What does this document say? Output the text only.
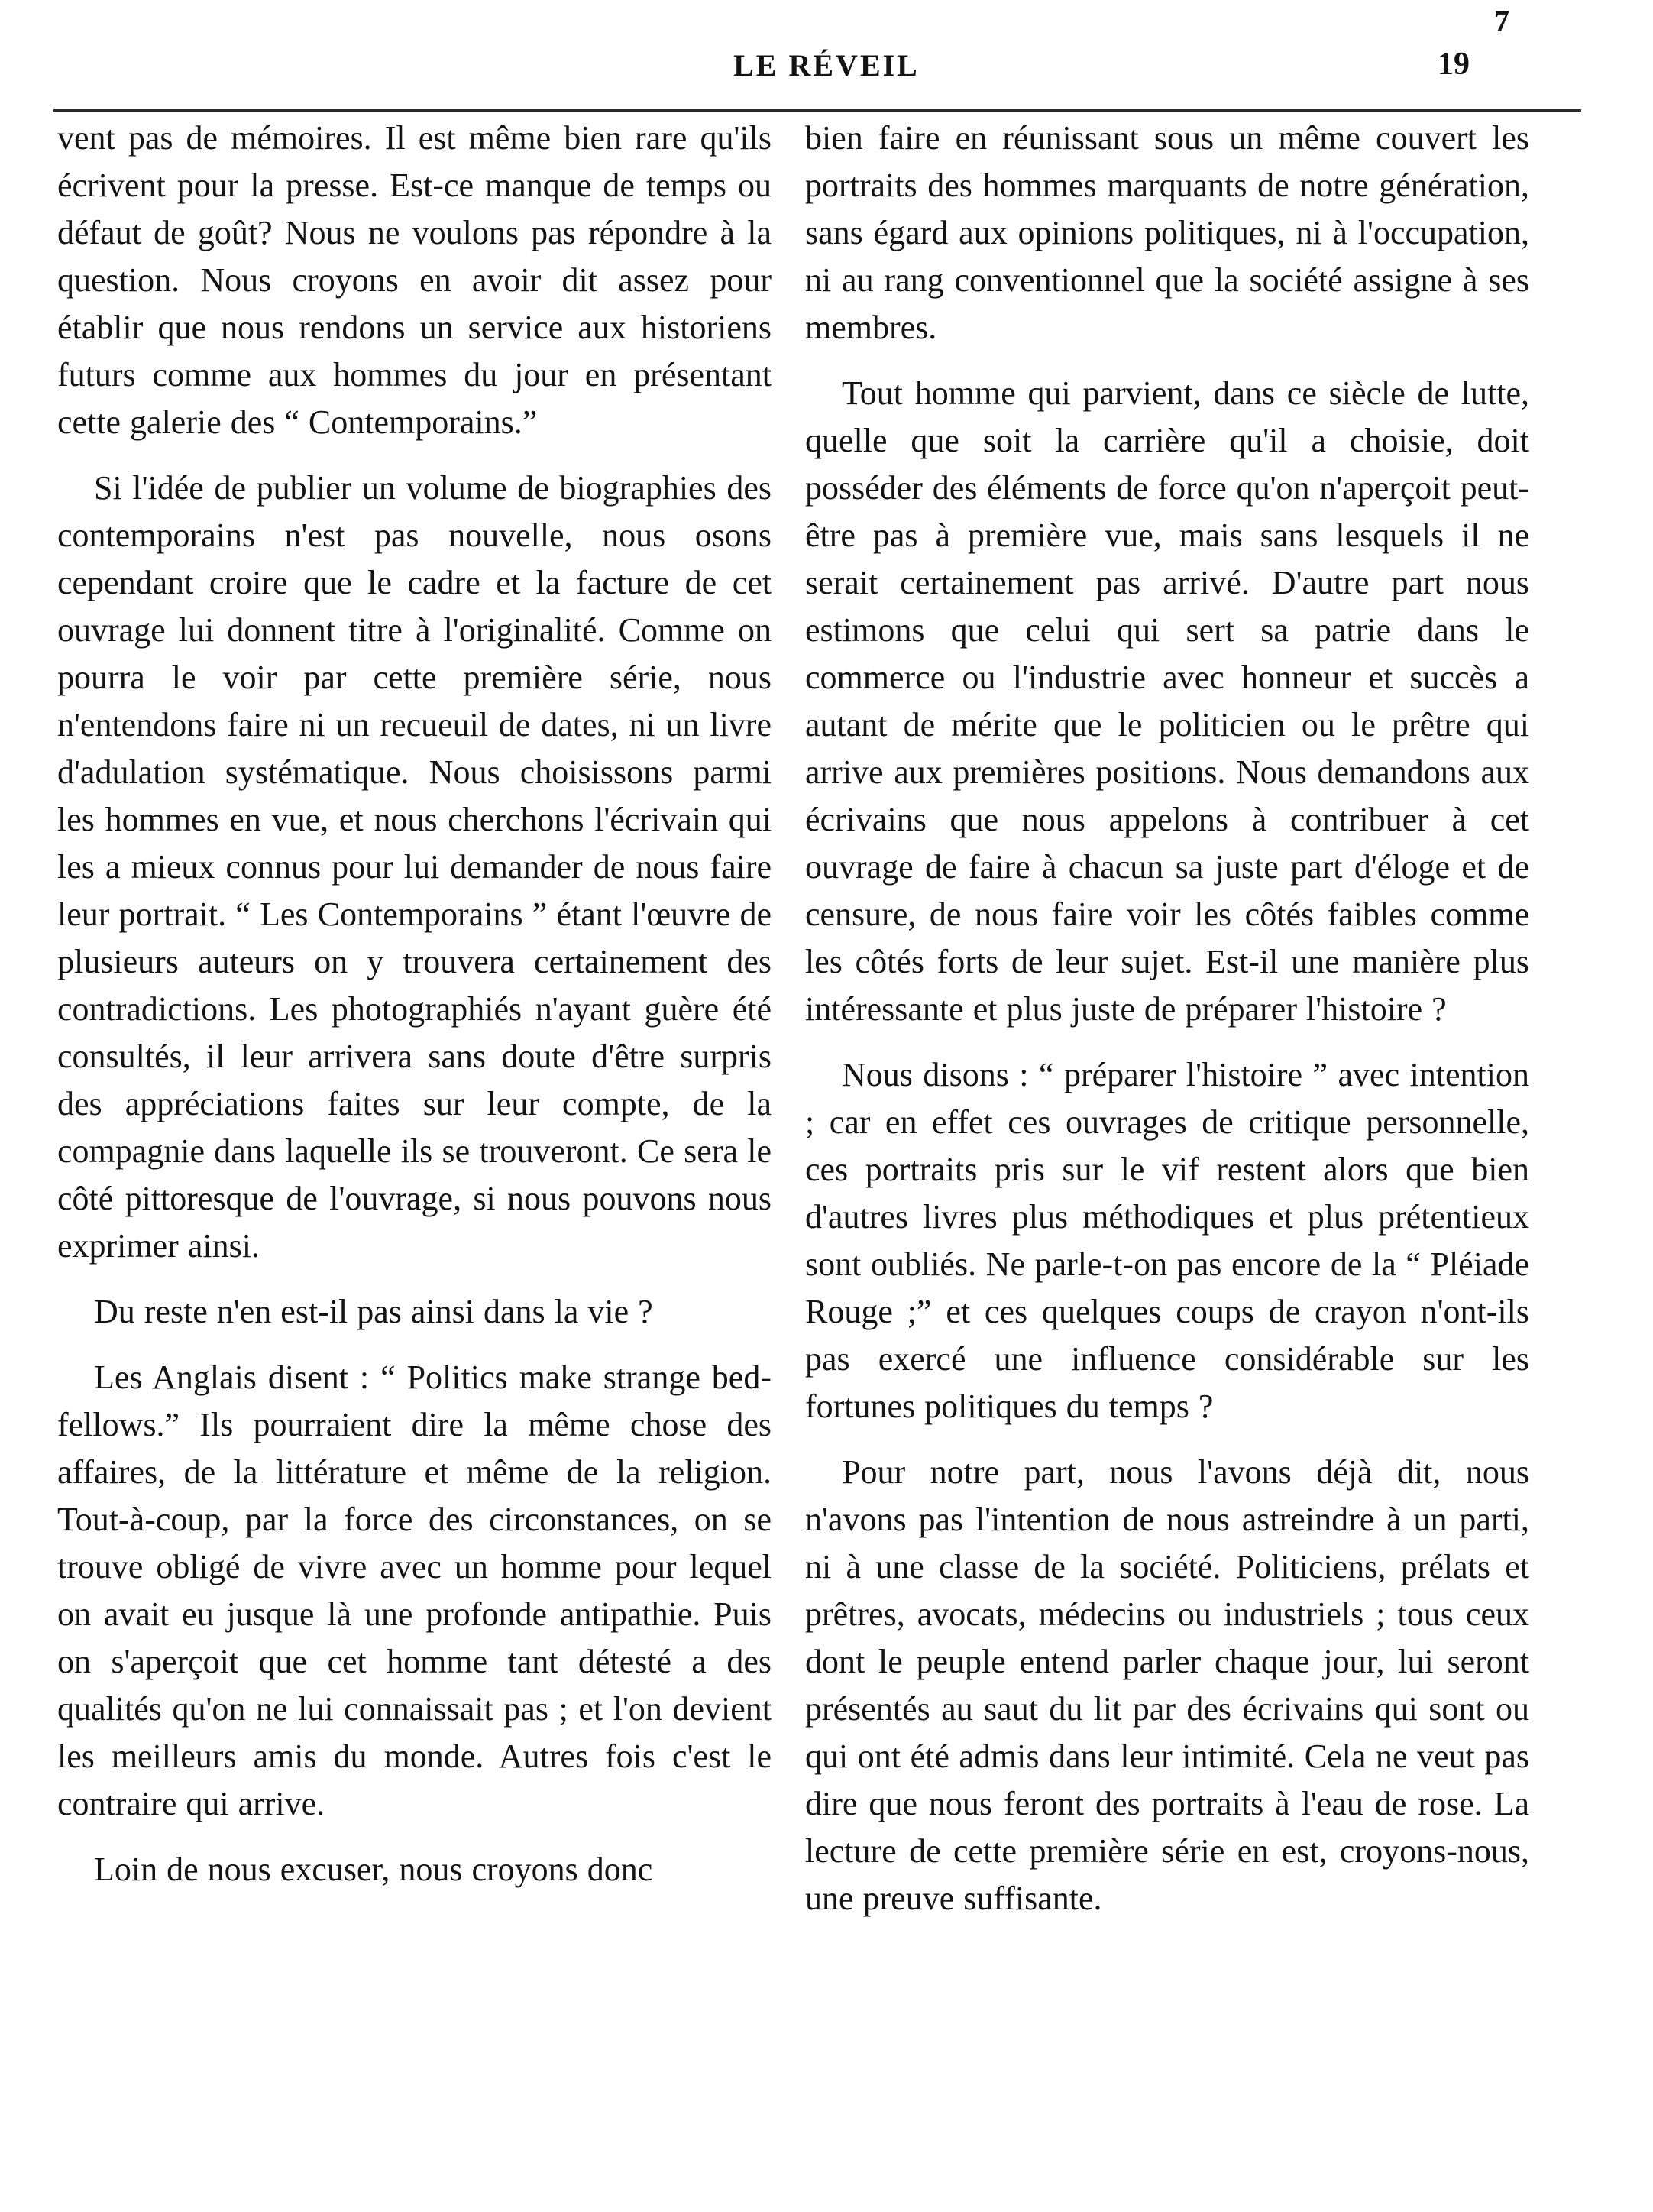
7
LE RÉVEIL	19

vent pas de mémoires. Il est même bien rare qu'ils écrivent pour la presse. Est-ce manque de temps ou défaut de goût? Nous ne voulons pas répondre à la question. Nous croyons en avoir dit assez pour établir que nous rendons un service aux historiens futurs comme aux hommes du jour en présentant cette galerie des “ Contemporains.”

Si l'idée de publier un volume de biographies des contemporains n'est pas nouvelle, nous osons cependant croire que le cadre et la facture de cet ouvrage lui donnent titre à l'originalité. Comme on pourra le voir par cette première série, nous n'entendons faire ni un recueuil de dates, ni un livre d'adulation systématique. Nous choisissons parmi les hommes en vue, et nous cherchons l'écrivain qui les a mieux connus pour lui demander de nous faire leur portrait. “ Les Contemporains ” étant l'œuvre de plusieurs auteurs on y trouvera certainement des contradictions. Les photographiés n'ayant guère été consultés, il leur arrivera sans doute d'être surpris des appréciations faites sur leur compte, de la compagnie dans laquelle ils se trouveront. Ce sera le côté pittoresque de l'ouvrage, si nous pouvons nous exprimer ainsi.

Du reste n'en est-il pas ainsi dans la vie ?

Les Anglais disent : “ Politics make strange bed-fellows.” Ils pourraient dire la même chose des affaires, de la littérature et même de la religion. Tout-à-coup, par la force des circonstances, on se trouve obligé de vivre avec un homme pour lequel on avait eu jusque là une profonde antipathie. Puis on s'aperçoit que cet homme tant détesté a des qualités qu'on ne lui connaissait pas ; et l'on devient les meilleurs amis du monde. Autres fois c'est le contraire qui arrive.

Loin de nous excuser, nous croyons donc

bien faire en réunissant sous un même couvert les portraits des hommes marquants de notre génération, sans égard aux opinions politiques, ni à l'occupation, ni au rang conventionnel que la société assigne à ses membres.

Tout homme qui parvient, dans ce siècle de lutte, quelle que soit la carrière qu'il a choisie, doit posséder des éléments de force qu'on n'aperçoit peut-être pas à première vue, mais sans lesquels il ne serait certainement pas arrivé. D'autre part nous estimons que celui qui sert sa patrie dans le commerce ou l'industrie avec honneur et succès a autant de mérite que le politicien ou le prêtre qui arrive aux premières positions. Nous demandons aux écrivains que nous appelons à contribuer à cet ouvrage de faire à chacun sa juste part d'éloge et de censure, de nous faire voir les côtés faibles comme les côtés forts de leur sujet. Est-il une manière plus intéressante et plus juste de préparer l'histoire ?

Nous disons : “ préparer l'histoire ” avec intention ; car en effet ces ouvrages de critique personnelle, ces portraits pris sur le vif restent alors que bien d'autres livres plus méthodiques et plus prétentieux sont oubliés. Ne parle-t-on pas encore de la “ Pléiade Rouge ;” et ces quelques coups de crayon n'ont-ils pas exercé une influence considérable sur les fortunes politiques du temps ?

Pour notre part, nous l'avons déjà dit, nous n'avons pas l'intention de nous astreindre à un parti, ni à une classe de la société. Politiciens, prélats et prêtres, avocats, médecins ou industriels ; tous ceux dont le peuple entend parler chaque jour, lui seront présentés au saut du lit par des écrivains qui sont ou qui ont été admis dans leur intimité. Cela ne veut pas dire que nous feront des portraits à l'eau de rose. La lecture de cette première série en est, croyons-nous, une preuve suffisante.
